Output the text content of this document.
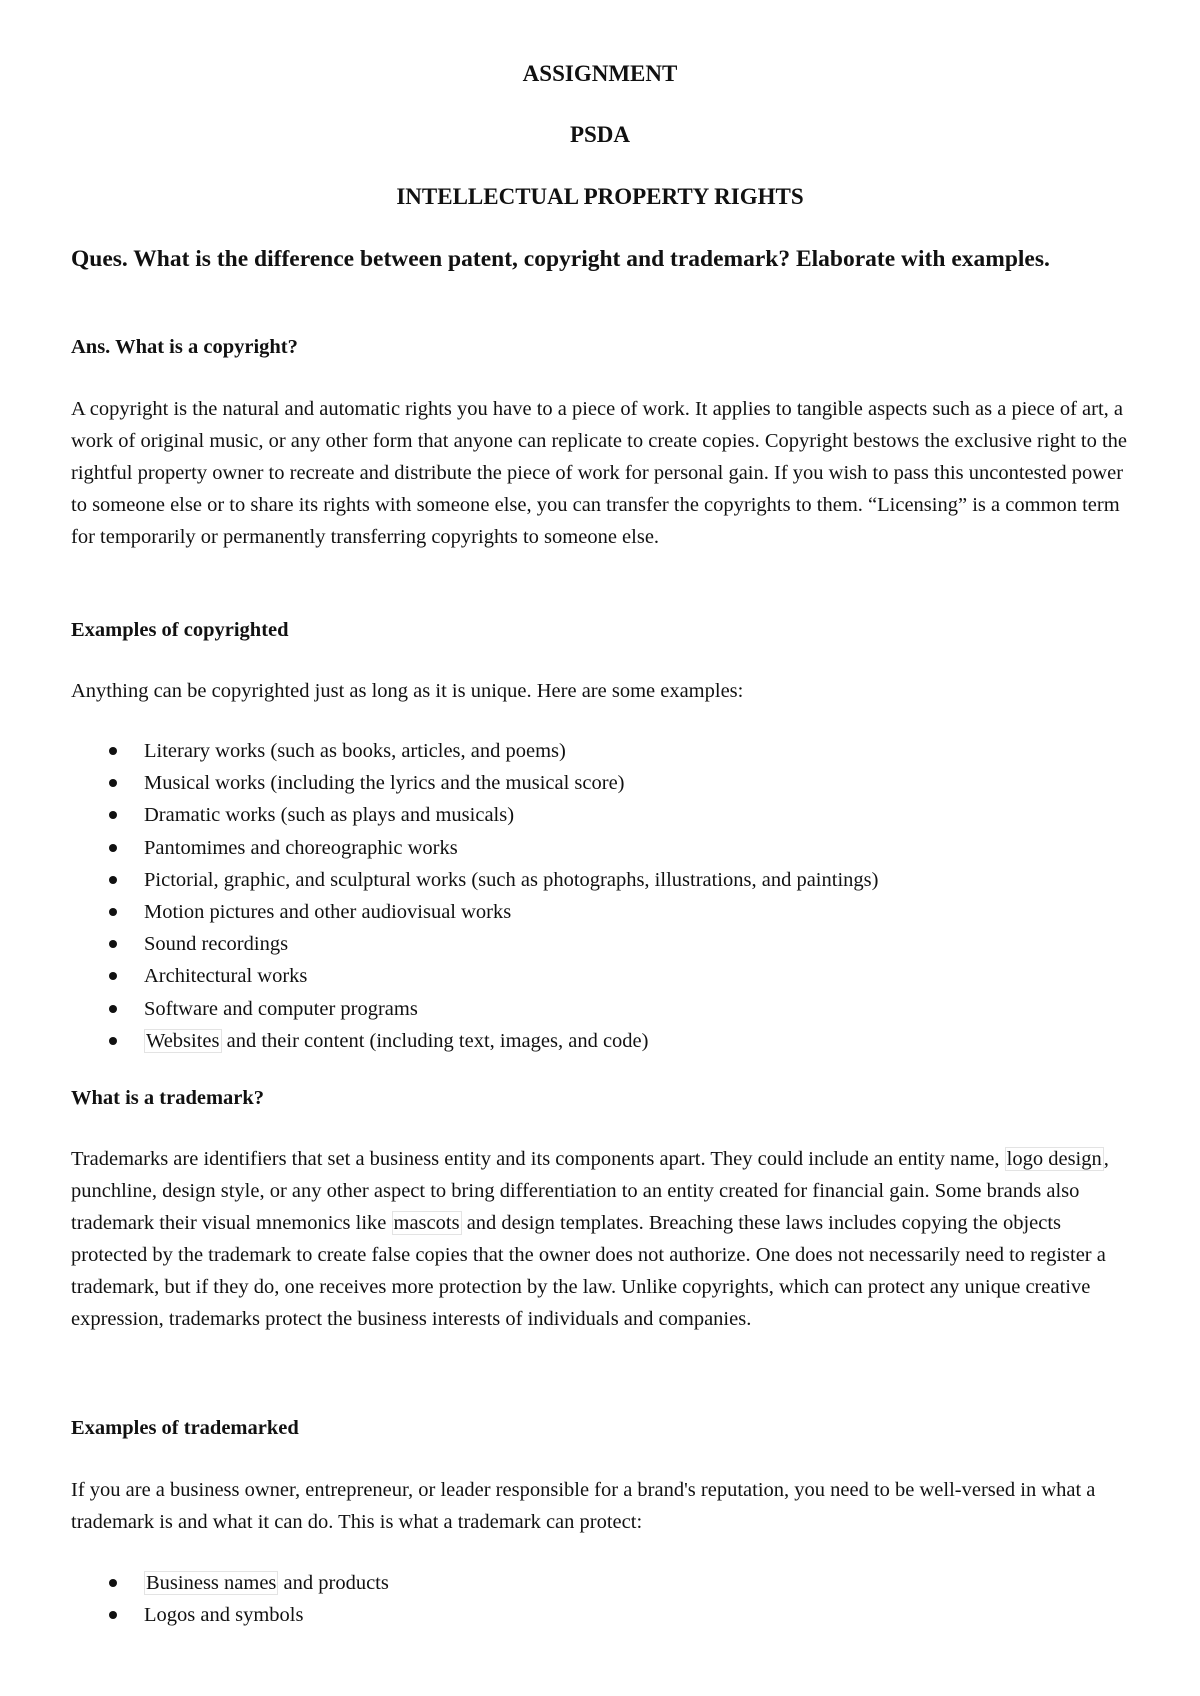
ASSIGNMENT

PSDA

INTELLECTUAL PROPERTY RIGHTS

Ques. What is the difference between patent, copyright and trademark? Elaborate with examples.

Ans. What is a copyright?

A copyright is the natural and automatic rights you have to a piece of work. It applies to tangible aspects such as a piece of art, a work of original music, or any other form that anyone can replicate to create copies. Copyright bestows the exclusive right to the rightful property owner to recreate and distribute the piece of work for personal gain. If you wish to pass this uncontested power to someone else or to share its rights with someone else, you can transfer the copyrights to them. “Licensing” is a common term for temporarily or permanently transferring copyrights to someone else.

Examples of copyrighted

Anything can be copyrighted just as long as it is unique. Here are some examples:

Literary works (such as books, articles, and poems)
Musical works (including the lyrics and the musical score)
Dramatic works (such as plays and musicals)
Pantomimes and choreographic works
Pictorial, graphic, and sculptural works (such as photographs, illustrations, and paintings)
Motion pictures and other audiovisual works
Sound recordings
Architectural works
Software and computer programs
Websites and their content (including text, images, and code)

What is a trademark?

Trademarks are identifiers that set a business entity and its components apart. They could include an entity name, logo design, punchline, design style, or any other aspect to bring differentiation to an entity created for financial gain. Some brands also trademark their visual mnemonics like mascots and design templates. Breaching these laws includes copying the objects protected by the trademark to create false copies that the owner does not authorize. One does not necessarily need to register a trademark, but if they do, one receives more protection by the law. Unlike copyrights, which can protect any unique creative expression, trademarks protect the business interests of individuals and companies.

Examples of trademarked

If you are a business owner, entrepreneur, or leader responsible for a brand's reputation, you need to be well-versed in what a trademark is and what it can do. This is what a trademark can protect:

Business names and products
Logos and symbols
